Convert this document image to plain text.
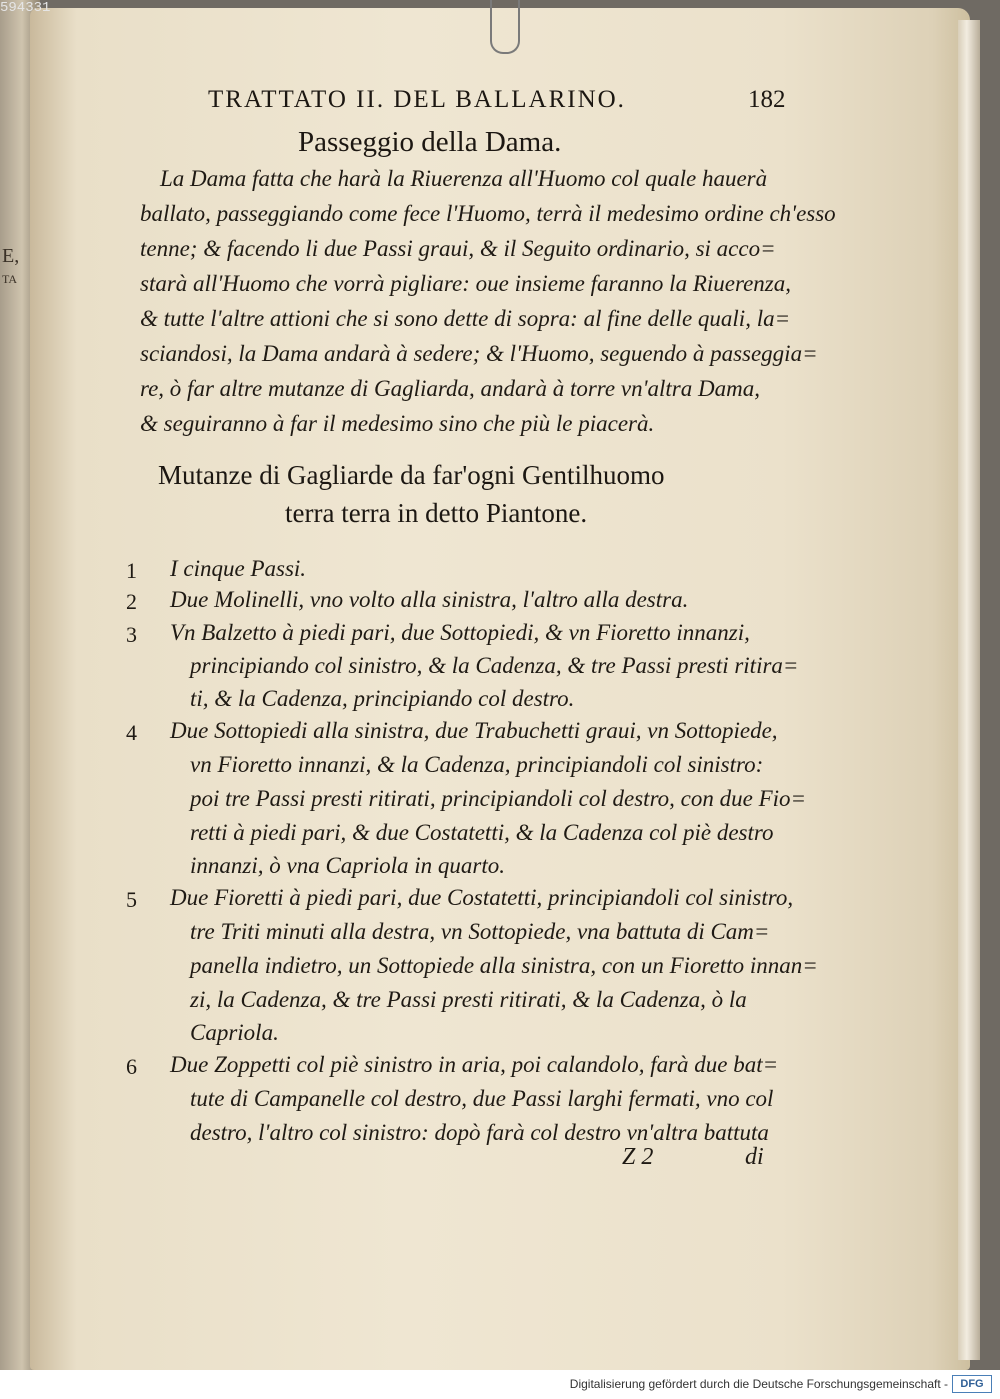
E,
TA
594331
TRATTATO II. DEL BALLARINO.	182
Passeggio della Dama.
La Dama fatta che harà la Riuerenza all'Huomo col quale hauerà
ballato, passeggiando come fece l'Huomo, terrà il medesimo ordine ch'esso
tenne; & facendo li due Passi graui, & il Seguito ordinario, si acco=
starà all'Huomo che vorrà pigliare: oue insieme faranno la Riuerenza,
& tutte l'altre attioni che si sono dette di sopra: al fine delle quali, la=
sciandosi, la Dama andarà à sedere; & l'Huomo, seguendo à passeggia=
re, ò far altre mutanze di Gagliarda, andarà à torre vn'altra Dama,
& seguiranno à far il medesimo sino che più le piacerà.
Mutanze di Gagliarde da far'ogni Gentilhuomo
terra terra in detto Piantone.
1 I cinque Passi.
2 Due Molinelli, vno volto alla sinistra, l'altro alla destra.
3 Vn Balzetto à piedi pari, due Sottopiedi, & vn Fioretto innanzi,
principiando col sinistro, & la Cadenza, & tre Passi presti ritira=
ti, & la Cadenza, principiando col destro.
4 Due Sottopiedi alla sinistra, due Trabuchetti graui, vn Sottopiede,
vn Fioretto innanzi, & la Cadenza, principiandoli col sinistro:
poi tre Passi presti ritirati, principiandoli col destro, con due Fio=
retti à piedi pari, & due Costatetti, & la Cadenza col piè destro
innanzi, ò vna Capriola in quarto.
5 Due Fioretti à piedi pari, due Costatetti, principiandoli col sinistro,
tre Triti minuti alla destra, vn Sottopiede, vna battuta di Cam=
panella indietro, un Sottopiede alla sinistra, con un Fioretto innan=
zi, la Cadenza, & tre Passi presti ritirati, & la Cadenza, ò la
Capriola.
6 Due Zoppetti col piè sinistro in aria, poi calandolo, farà due bat=
tute di Campanelle col destro, due Passi larghi fermati, vno col
destro, l'altro col sinistro: dopò farà col destro vn'altra battuta
Z 2	di
Digitalisierung gefördert durch die Deutsche Forschungsgemeinschaft -	DFG
